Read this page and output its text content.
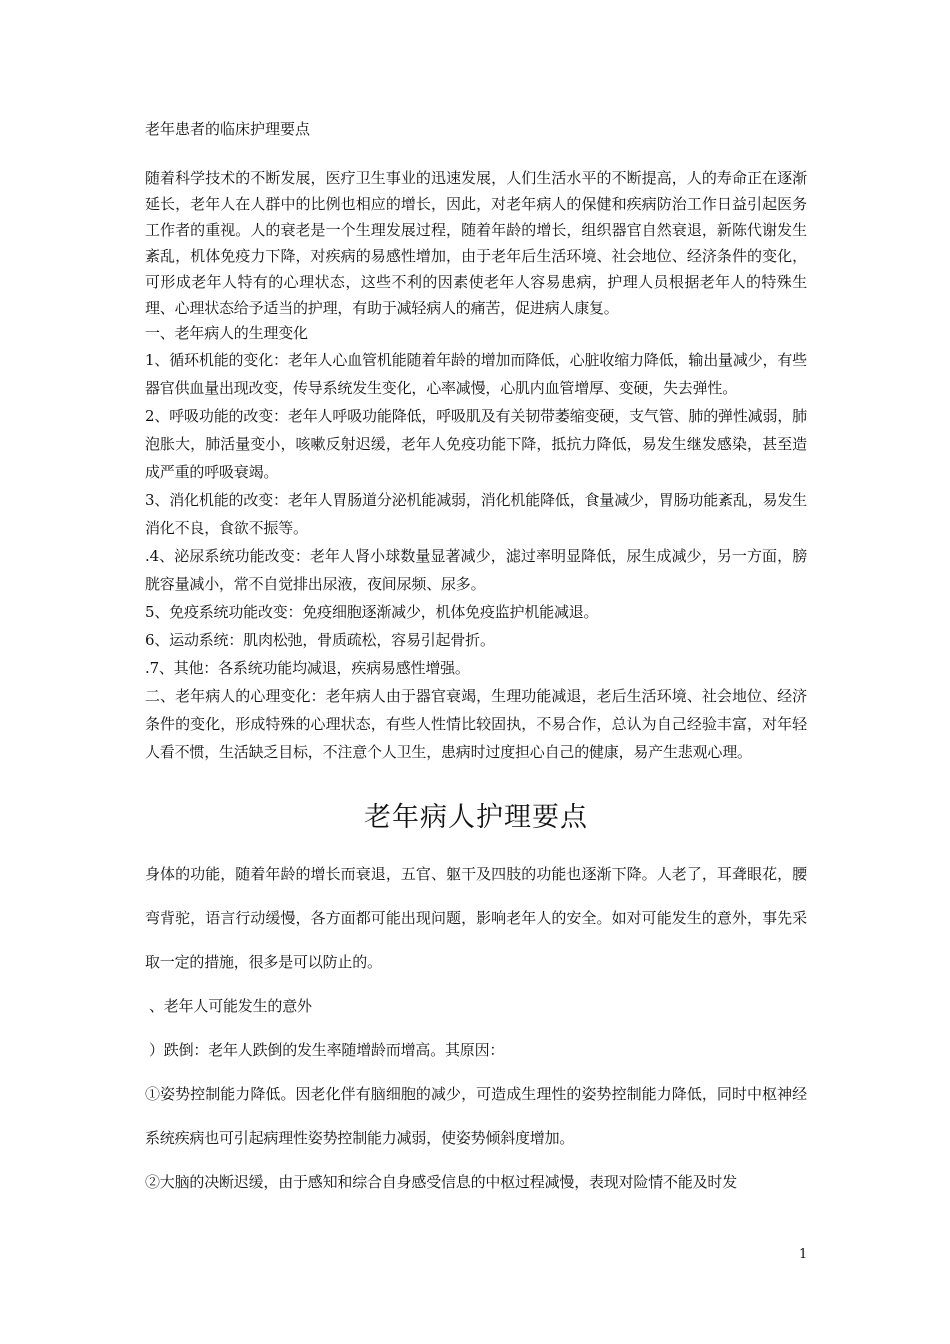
老年患者的临床护理要点

随着科学技术的不断发展，医疗卫生事业的迅速发展，人们生活水平的不断提高，人的寿命正在逐渐延长，老年人在人群中的比例也相应的增长，因此，对老年病人的保健和疾病防治工作日益引起医务工作者的重视。人的衰老是一个生理发展过程，随着年龄的增长，组织器官自然衰退，新陈代谢发生紊乱，机体免疫力下降，对疾病的易感性增加，由于老年后生活环境、社会地位、经济条件的变化，可形成老年人特有的心理状态，这些不利的因素使老年人容易患病，护理人员根据老年人的特殊生理、心理状态给予适当的护理，有助于减轻病人的痛苦，促进病人康复。

一、老年病人的生理变化

1、循环机能的变化：老年人心血管机能随着年龄的增加而降低，心脏收缩力降低，输出量减少，有些器官供血量出现改变，传导系统发生变化，心率减慢，心肌内血管增厚、变硬，失去弹性。

2、呼吸功能的改变：老年人呼吸功能降低，呼吸肌及有关韧带萎缩变硬，支气管、肺的弹性减弱，肺泡胀大，肺活量变小，咳嗽反射迟缓，老年人免疫功能下降，抵抗力降低，易发生继发感染，甚至造成严重的呼吸衰竭。

3、消化机能的改变：老年人胃肠道分泌机能减弱，消化机能降低，食量减少，胃肠功能紊乱，易发生消化不良，食欲不振等。

.4、泌尿系统功能改变：老年人肾小球数量显著减少，滤过率明显降低，尿生成减少，另一方面，膀胱容量减小，常不自觉排出尿液，夜间尿频、尿多。

5、免疫系统功能改变：免疫细胞逐渐减少，机体免疫监护机能减退。

6、运动系统：肌肉松弛，骨质疏松，容易引起骨折。

.7、其他：各系统功能均减退，疾病易感性增强。

二、老年病人的心理变化：老年病人由于器官衰竭，生理功能减退，老后生活环境、社会地位、经济条件的变化，形成特殊的心理状态，有些人性情比较固执，不易合作，总认为自己经验丰富，对年轻人看不惯，生活缺乏目标，不注意个人卫生，患病时过度担心自己的健康，易产生悲观心理。

老年病人护理要点

身体的功能，随着年龄的增长而衰退，五官、躯干及四肢的功能也逐渐下降。人老了，耳聋眼花，腰弯背驼，语言行动缓慢，各方面都可能出现问题，影响老年人的安全。如对可能发生的意外，事先采取一定的措施，很多是可以防止的。

、老年人可能发生的意外

）跌倒：老年人跌倒的发生率随增龄而增高。其原因：

①姿势控制能力降低。因老化伴有脑细胞的减少，可造成生理性的姿势控制能力降低，同时中枢神经系统疾病也可引起病理性姿势控制能力减弱，使姿势倾斜度增加。

②大脑的决断迟缓，由于感知和综合自身感受信息的中枢过程减慢，表现对险情不能及时发

1
